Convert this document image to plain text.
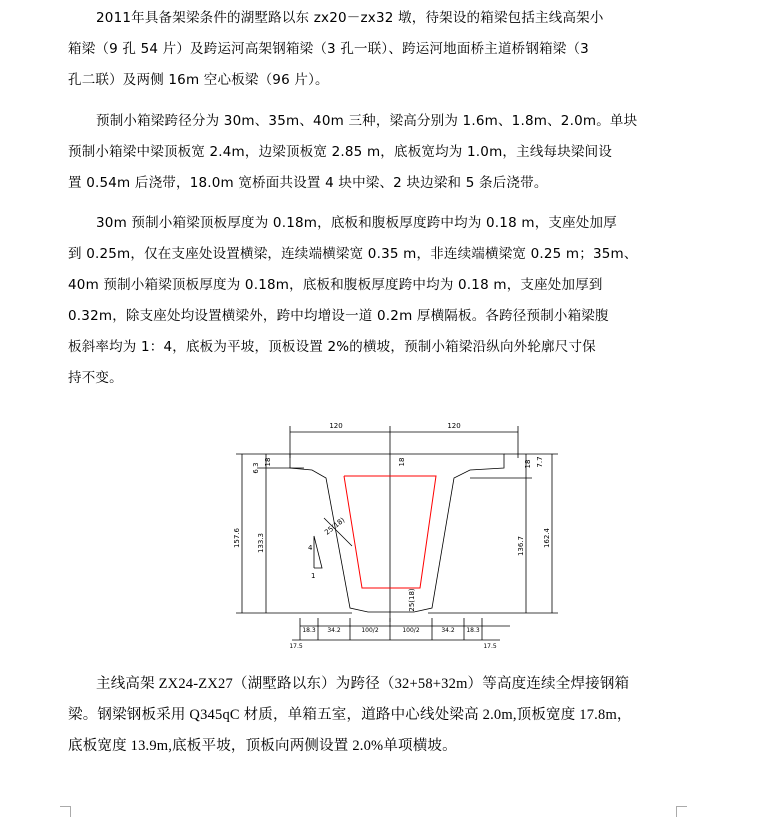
2011年具备架梁条件的湖墅路以东 zx20－zx32 墩，待架设的箱梁包括主线高架小
箱梁（9 孔 54 片）及跨运河高架钢箱梁（3 孔一联）、跨运河地面桥主道桥钢箱梁（3
孔二联）及两侧 16m 空心板梁（96 片）。
预制小箱梁跨径分为 30m、35m、40m 三种，梁高分别为 1.6m、1.8m、2.0m。单块
预制小箱梁中梁顶板宽 2.4m，边梁顶板宽 2.85 m，底板宽均为 1.0m，主线每块梁间设
置 0.54m 后浇带，18.0m 宽桥面共设置 4 块中梁、2 块边梁和 5 条后浇带。
30m 预制小箱梁顶板厚度为 0.18m，底板和腹板厚度跨中均为 0.18 m，支座处加厚
到 0.25m，仅在支座处设置横梁，连续端横梁宽 0.35 m，非连续端横梁宽 0.25 m；35m、
40m 预制小箱梁顶板厚度为 0.18m，底板和腹板厚度跨中均为 0.18 m，支座处加厚到
0.32m，除支座处均设置横梁外，跨中均增设一道 0.2m 厚横隔板。各跨径预制小箱梁腹
板斜率均为 1：4，底板为平坡，顶板设置 2%的横坡，预制小箱梁沿纵向外轮廓尺寸保
持不变。
120	120
6.3
18
157.6 133.3
18 7.7
136.7	162.4
18
25(18)
25(18)
4
1
17.5
18.3 34.2	100/2	100/2	34.2 18.3
17.5
主线高架 ZX24-ZX27（湖墅路以东）为跨径（32+58+32m）等高度连续全焊接钢箱
梁。钢梁钢板采用 Q345qC 材质，单箱五室，道路中心线处梁高 2.0m,顶板宽度 17.8m，
底板宽度 13.9m,底板平坡，顶板向两侧设置 2.0%单项横坡。
